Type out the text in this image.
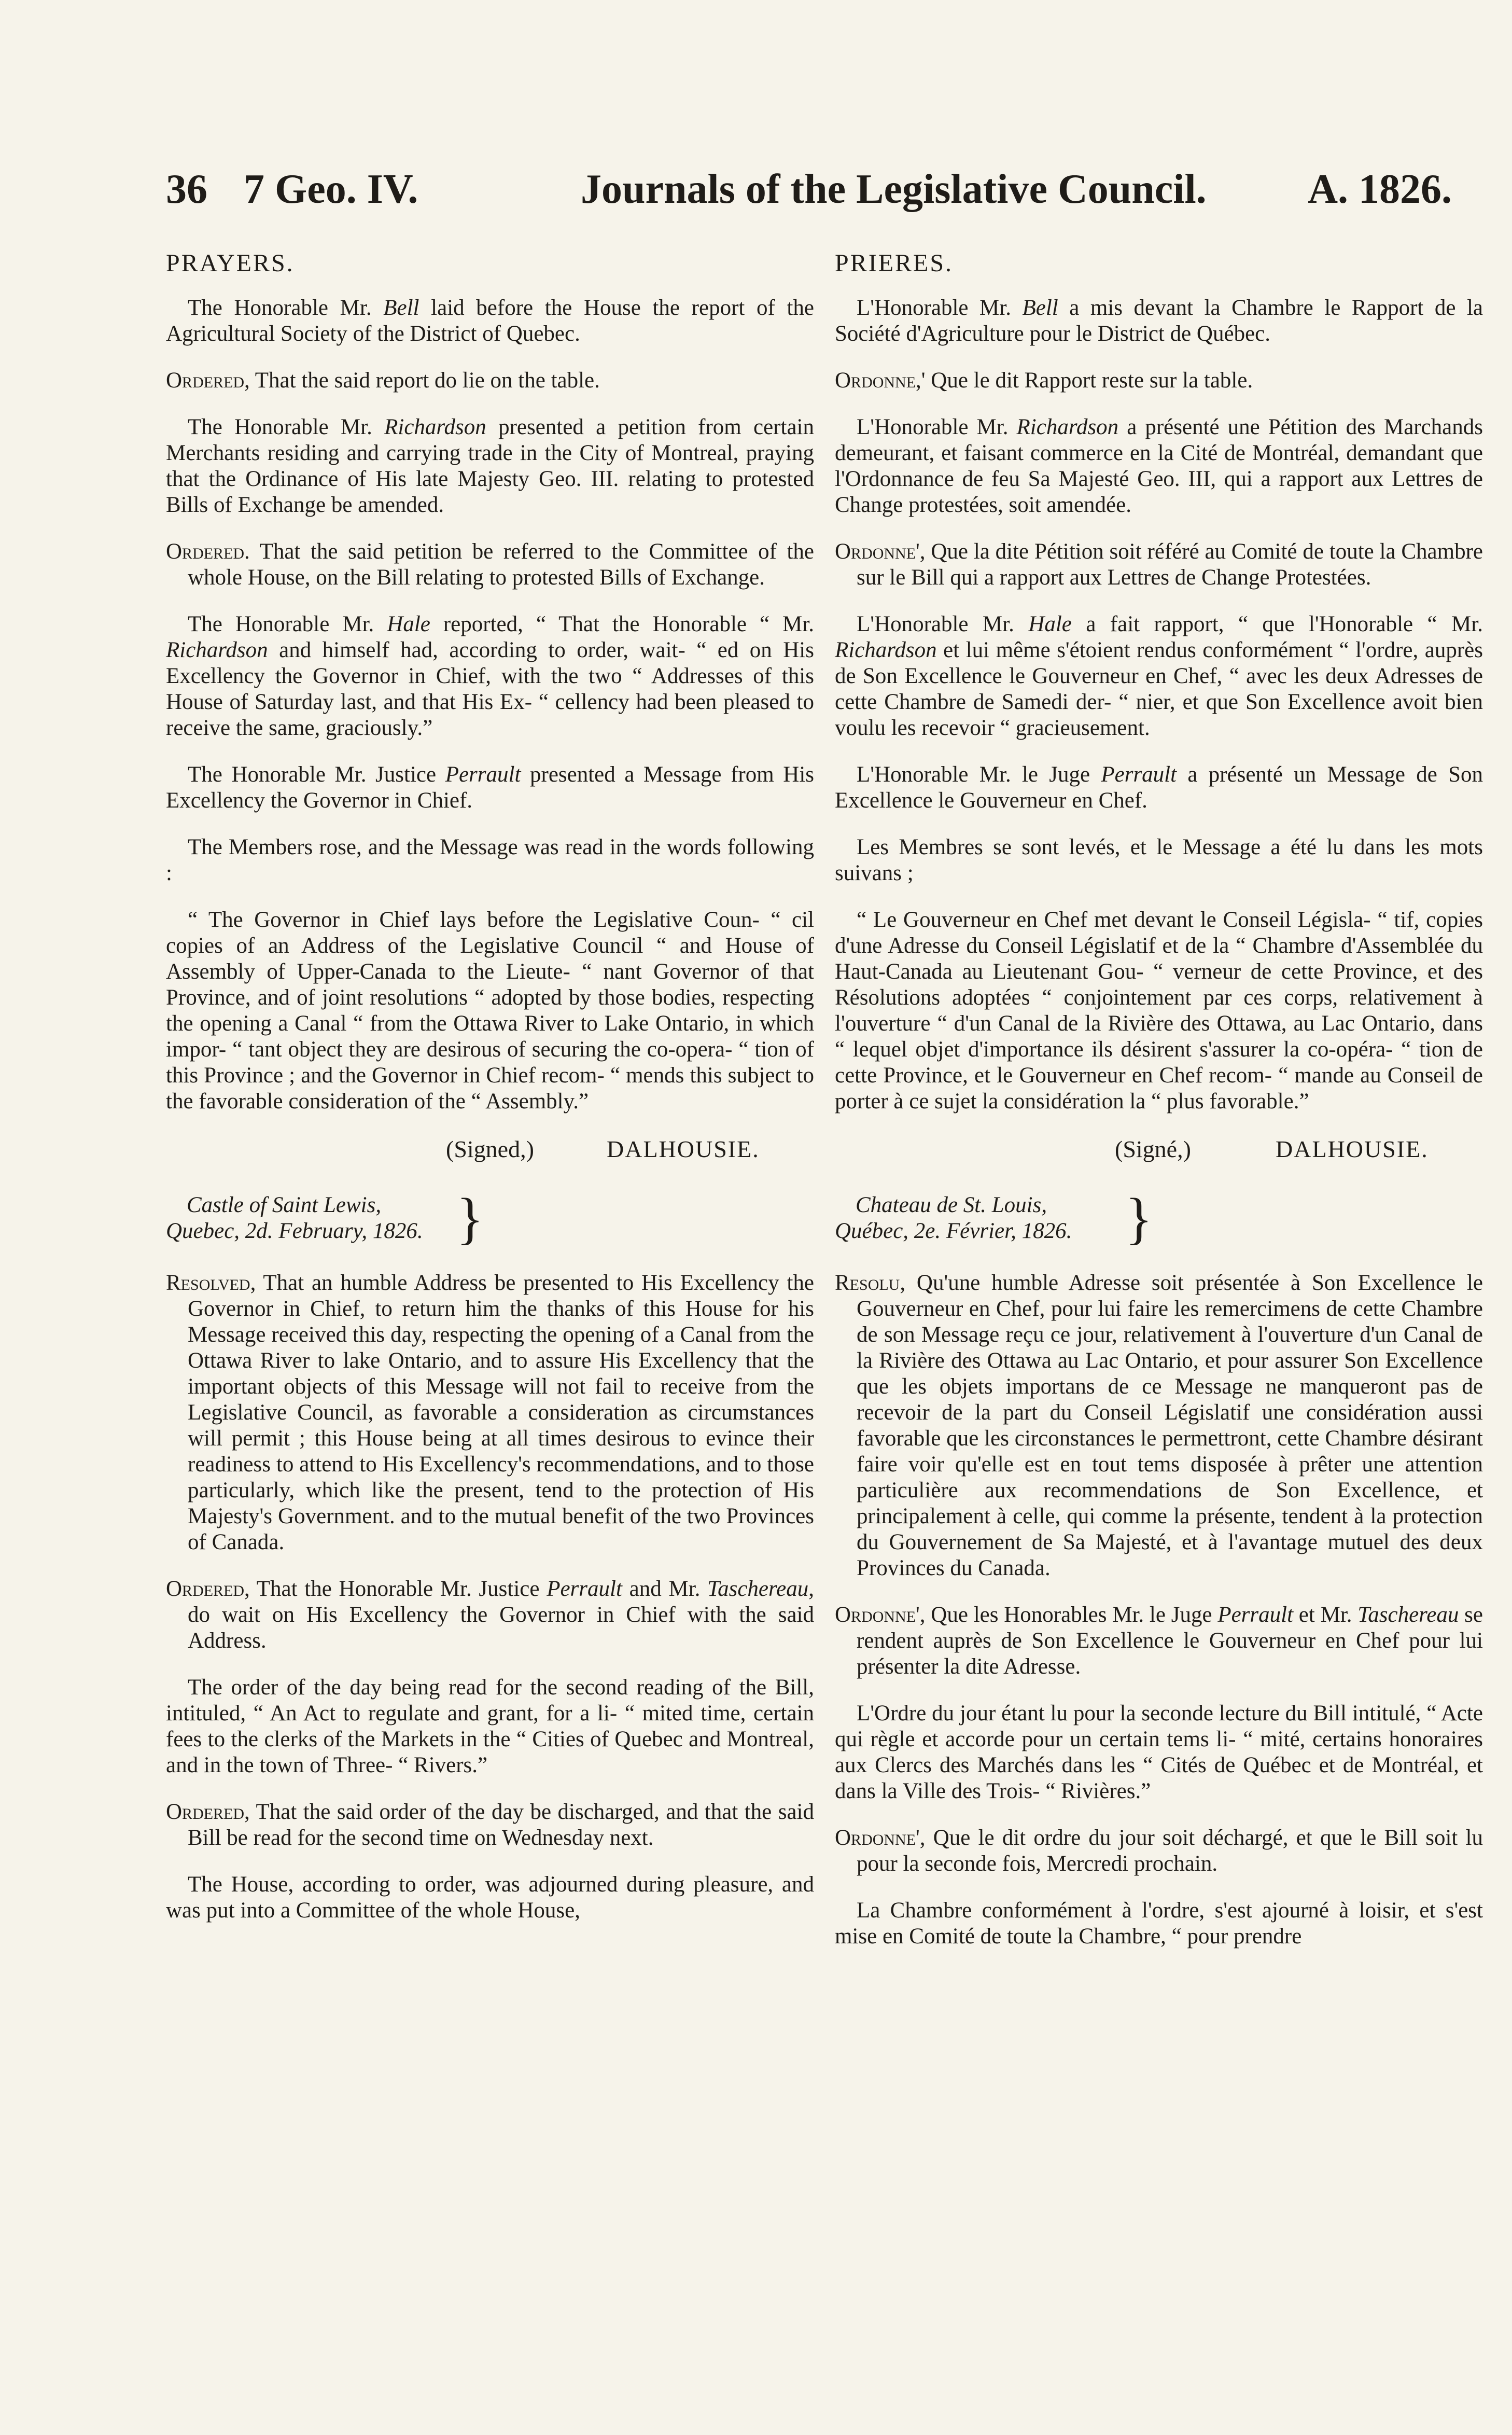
36 7 Geo. IV.	Journals of the Legislative Council. A. 1826.
PRAYERS.

The Honorable Mr. Bell laid before the House the report of the Agricultural Society of the District of Quebec.

Ordered, That the said report do lie on the table.

The Honorable Mr. Richardson presented a petition from certain Merchants residing and carrying trade in the City of Montreal, praying that the Ordinance of His late Majesty Geo. III. relating to protested Bills of Exchange be amended.

Ordered. That the said petition be referred to the Committee of the whole House, on the Bill relating to protested Bills of Exchange.

The Honorable Mr. Hale reported, “ That the Honorable “ Mr. Richardson and himself had, according to order, wait- “ ed on His Excellency the Governor in Chief, with the two “ Addresses of this House of Saturday last, and that His Ex- “ cellency had been pleased to receive the same, graciously.”

The Honorable Mr. Justice Perrault presented a Message from His Excellency the Governor in Chief.

The Members rose, and the Message was read in the words following :

“ The Governor in Chief lays before the Legislative Coun- “ cil copies of an Address of the Legislative Council “ and House of Assembly of Upper-Canada to the Lieute- “ nant Governor of that Province, and of joint resolutions “ adopted by those bodies, respecting the opening a Canal “ from the Ottawa River to Lake Ontario, in which impor- “ tant object they are desirous of securing the co-opera- “ tion of this Province ; and the Governor in Chief recom- “ mends this subject to the favorable consideration of the “ Assembly.”

(Signed,)	DALHOUSIE.
Castle of Saint Lewis,
Quebec, 2d. February, 1826. }

Resolved, That an humble Address be presented to His Excellency the Governor in Chief, to return him the thanks of this House for his Message received this day, respecting the opening of a Canal from the Ottawa River to lake Ontario, and to assure His Excellency that the important objects of this Message will not fail to receive from the Legislative Council, as favorable a consideration as circumstances will permit ; this House being at all times desirous to evince their readiness to attend to His Excellency's recommendations, and to those particularly, which like the present, tend to the protection of His Majesty's Government. and to the mutual benefit of the two Provinces of Canada.

Ordered, That the Honorable Mr. Justice Perrault and Mr. Taschereau, do wait on His Excellency the Governor in Chief with the said Address.

The order of the day being read for the second reading of the Bill, intituled, “ An Act to regulate and grant, for a li- “ mited time, certain fees to the clerks of the Markets in the “ Cities of Quebec and Montreal, and in the town of Three- “ Rivers.”

Ordered, That the said order of the day be discharged, and that the said Bill be read for the second time on Wednesday next.

The House, according to order, was adjourned during pleasure, and was put into a Committee of the whole House,

PRIERES.

L'Honorable Mr. Bell a mis devant la Chambre le Rapport de la Société d'Agriculture pour le District de Québec.

Ordonne,' Que le dit Rapport reste sur la table.

L'Honorable Mr. Richardson a présenté une Pétition des Marchands demeurant, et faisant commerce en la Cité de Montréal, demandant que l'Ordonnance de feu Sa Majesté Geo. III, qui a rapport aux Lettres de Change protestées, soit amendée.

Ordonne', Que la dite Pétition soit référé au Comité de toute la Chambre sur le Bill qui a rapport aux Lettres de Change Protestées.

L'Honorable Mr. Hale a fait rapport, “ que l'Honorable “ Mr. Richardson et lui même s'étoient rendus conformément “ l'ordre, auprès de Son Excellence le Gouverneur en Chef, “ avec les deux Adresses de cette Chambre de Samedi der- “ nier, et que Son Excellence avoit bien voulu les recevoir “ gracieusement.

L'Honorable Mr. le Juge Perrault a présenté un Message de Son Excellence le Gouverneur en Chef.

Les Membres se sont levés, et le Message a été lu dans les mots suivans ;

“ Le Gouverneur en Chef met devant le Conseil Législa- “ tif, copies d'une Adresse du Conseil Législatif et de la “ Chambre d'Assemblée du Haut-Canada au Lieutenant Gou- “ verneur de cette Province, et des Résolutions adoptées “ conjointement par ces corps, relativement à l'ouverture “ d'un Canal de la Rivière des Ottawa, au Lac Ontario, dans “ lequel objet d'importance ils désirent s'assurer la co-opéra- “ tion de cette Province, et le Gouverneur en Chef recom- “ mande au Conseil de porter à ce sujet la considération la “ plus favorable.”

(Signé,)	DALHOUSIE.
Chateau de St. Louis,
Québec, 2e. Février, 1826. }

Resolu, Qu'une humble Adresse soit présentée à Son Excellence le Gouverneur en Chef, pour lui faire les remercimens de cette Chambre de son Message reçu ce jour, relativement à l'ouverture d'un Canal de la Rivière des Ottawa au Lac Ontario, et pour assurer Son Excellence que les objets importans de ce Message ne manqueront pas de recevoir de la part du Conseil Législatif une considération aussi favorable que les circonstances le permettront, cette Chambre désirant faire voir qu'elle est en tout tems disposée à prêter une attention particulière aux recommendations de Son Excellence, et principalement à celle, qui comme la présente, tendent à la protection du Gouvernement de Sa Majesté, et à l'avantage mutuel des deux Provinces du Canada.

Ordonne', Que les Honorables Mr. le Juge Perrault et Mr. Taschereau se rendent auprès de Son Excellence le Gouverneur en Chef pour lui présenter la dite Adresse.

L'Ordre du jour étant lu pour la seconde lecture du Bill intitulé, “ Acte qui règle et accorde pour un certain tems li- “ mité, certains honoraires aux Clercs des Marchés dans les “ Cités de Québec et de Montréal, et dans la Ville des Trois- “ Rivières.”

Ordonne', Que le dit ordre du jour soit déchargé, et que le Bill soit lu pour la seconde fois, Mercredi prochain.

La Chambre conformément à l'ordre, s'est ajourné à loisir, et s'est mise en Comité de toute la Chambre, “ pour prendre
